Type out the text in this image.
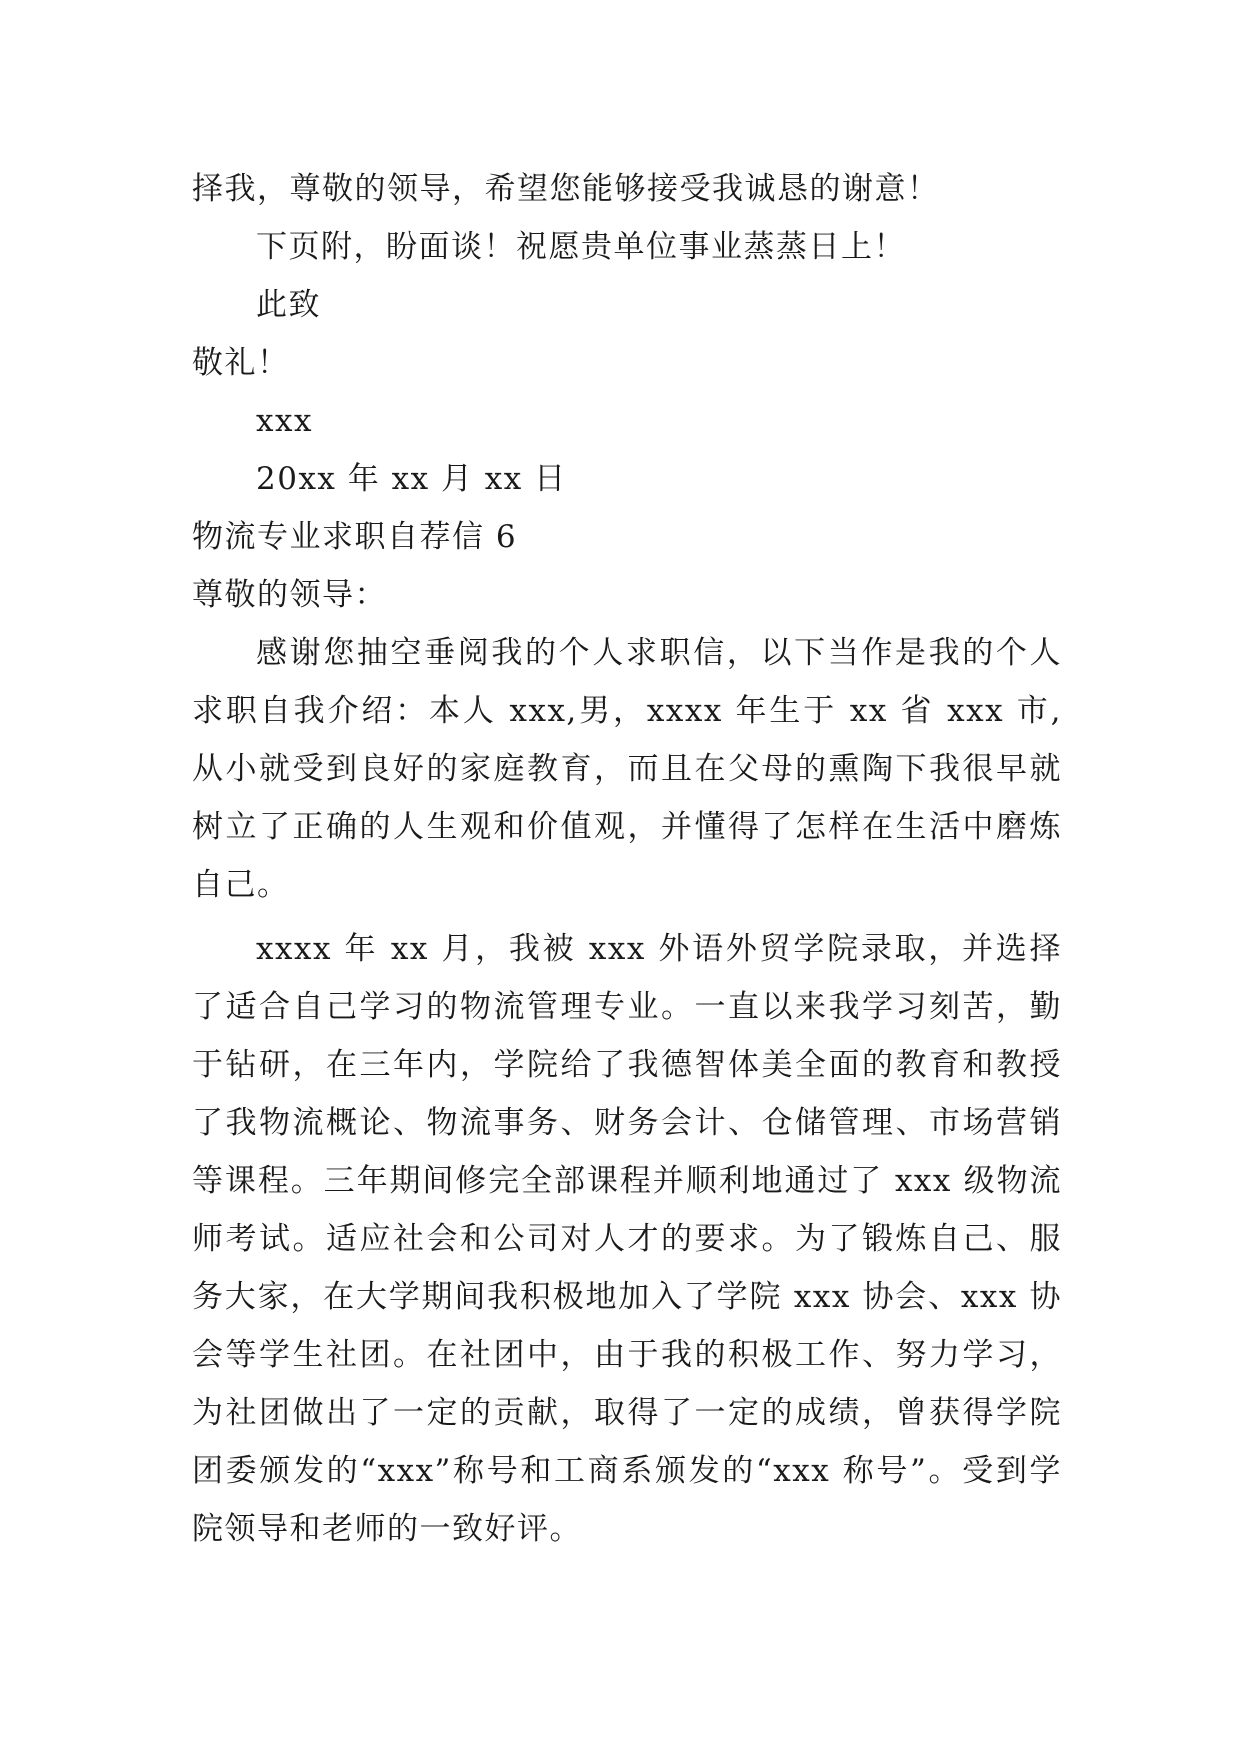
择我，尊敬的领导，希望您能够接受我诚恳的谢意！
下页附，盼面谈！祝愿贵单位事业蒸蒸日上！
此致
敬礼！
xxx
20xx 年 xx 月 xx 日
物流专业求职自荐信 6
尊敬的领导：

感谢您抽空垂阅我的个人求职信，以下当作是我的个人求职自我介绍：本人 xxx,男，xxxx 年生于 xx 省 xxx 市,从小就受到良好的家庭教育，而且在父母的熏陶下我很早就树立了正确的人生观和价值观，并懂得了怎样在生活中磨炼自己。

xxxx 年 xx 月，我被 xxx 外语外贸学院录取，并选择了适合自己学习的物流管理专业。一直以来我学习刻苦，勤于钻研，在三年内，学院给了我德智体美全面的教育和教授了我物流概论、物流事务、财务会计、仓储管理、市场营销等课程。三年期间修完全部课程并顺利地通过了 xxx 级物流师考试。适应社会和公司对人才的要求。为了锻炼自己、服务大家，在大学期间我积极地加入了学院 xxx 协会、xxx 协会等学生社团。在社团中，由于我的积极工作、努力学习，为社团做出了一定的贡献，取得了一定的成绩，曾获得学院团委颁发的“xxx”称号和工商系颁发的“xxx 称号”。受到学院领导和老师的一致好评。
